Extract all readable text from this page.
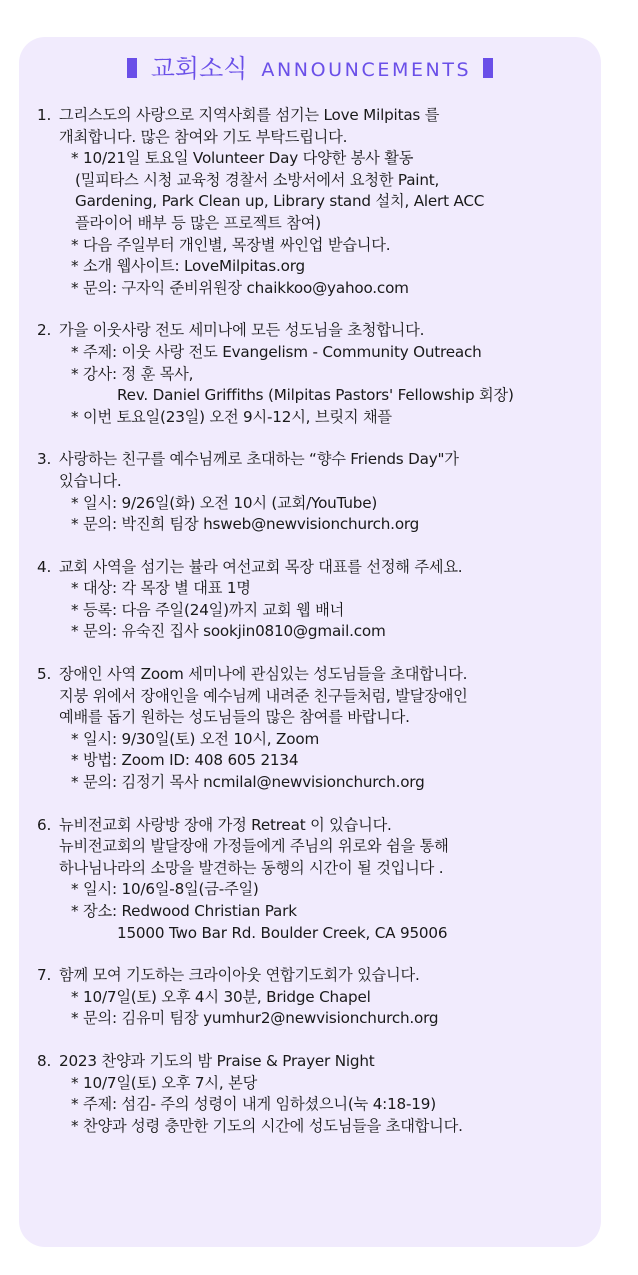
교회소식 ANNOUNCEMENTS
1. 그리스도의 사랑으로 지역사회를 섬기는 Love Milpitas 를
개최합니다. 많은 참여와 기도 부탁드립니다.
* 10/21일 토요일 Volunteer Day 다양한 봉사 활동
(밀피타스 시청 교육청 경찰서 소방서에서 요청한 Paint,
Gardening, Park Clean up, Library stand 설치, Alert ACC
플라이어 배부 등 많은 프로젝트 참여)
* 다음 주일부터 개인별, 목장별 싸인업 받습니다.
* 소개 웹사이트: LoveMilpitas.org
* 문의: 구자익 준비위원장 chaikkoo@yahoo.com
2. 가을 이웃사랑 전도 세미나에 모든 성도님을 초청합니다.
* 주제: 이웃 사랑 전도 Evangelism - Community Outreach
* 강사: 정 훈 목사,
Rev. Daniel Griffiths (Milpitas Pastors' Fellowship 회장)
* 이번 토요일(23일) 오전 9시-12시, 브릿지 채플
3. 사랑하는 친구를 예수님께로 초대하는 “향수 Friends Day"가
있습니다.
* 일시: 9/26일(화) 오전 10시 (교회/YouTube)
* 문의: 박진희 팀장 hsweb@newvisionchurch.org
4. 교회 사역을 섬기는 뷸라 여선교회 목장 대표를 선정해 주세요.
* 대상: 각 목장 별 대표 1명
* 등록: 다음 주일(24일)까지 교회 웹 배너
* 문의: 유숙진 집사 sookjin0810@gmail.com
5. 장애인 사역 Zoom 세미나에 관심있는 성도님들을 초대합니다.
지붕 위에서 장애인을 예수님께 내려준 친구들처럼, 발달장애인
예배를 돕기 원하는 성도님들의 많은 참여를 바랍니다.
* 일시: 9/30일(토) 오전 10시, Zoom
* 방법: Zoom ID: 408 605 2134
* 문의: 김정기 목사 ncmilal@newvisionchurch.org
6. 뉴비전교회 사랑방 장애 가정 Retreat 이 있습니다.
뉴비전교회의 발달장애 가정들에게 주님의 위로와 쉼을 통해
하나님나라의 소망을 발견하는 동행의 시간이 될 것입니다 .
* 일시: 10/6일-8일(금-주일)
* 장소: Redwood Christian Park
15000 Two Bar Rd. Boulder Creek, CA 95006
7. 함께 모여 기도하는 크라이아웃 연합기도회가 있습니다.
* 10/7일(토) 오후 4시 30분, Bridge Chapel
* 문의: 김유미 팀장 yumhur2@newvisionchurch.org
8. 2023 찬양과 기도의 밤 Praise & Prayer Night
* 10/7일(토) 오후 7시, 본당
* 주제: 섬김- 주의 성령이 내게 임하셨으니(눅 4:18-19)
* 찬양과 성령 충만한 기도의 시간에 성도님들을 초대합니다.
